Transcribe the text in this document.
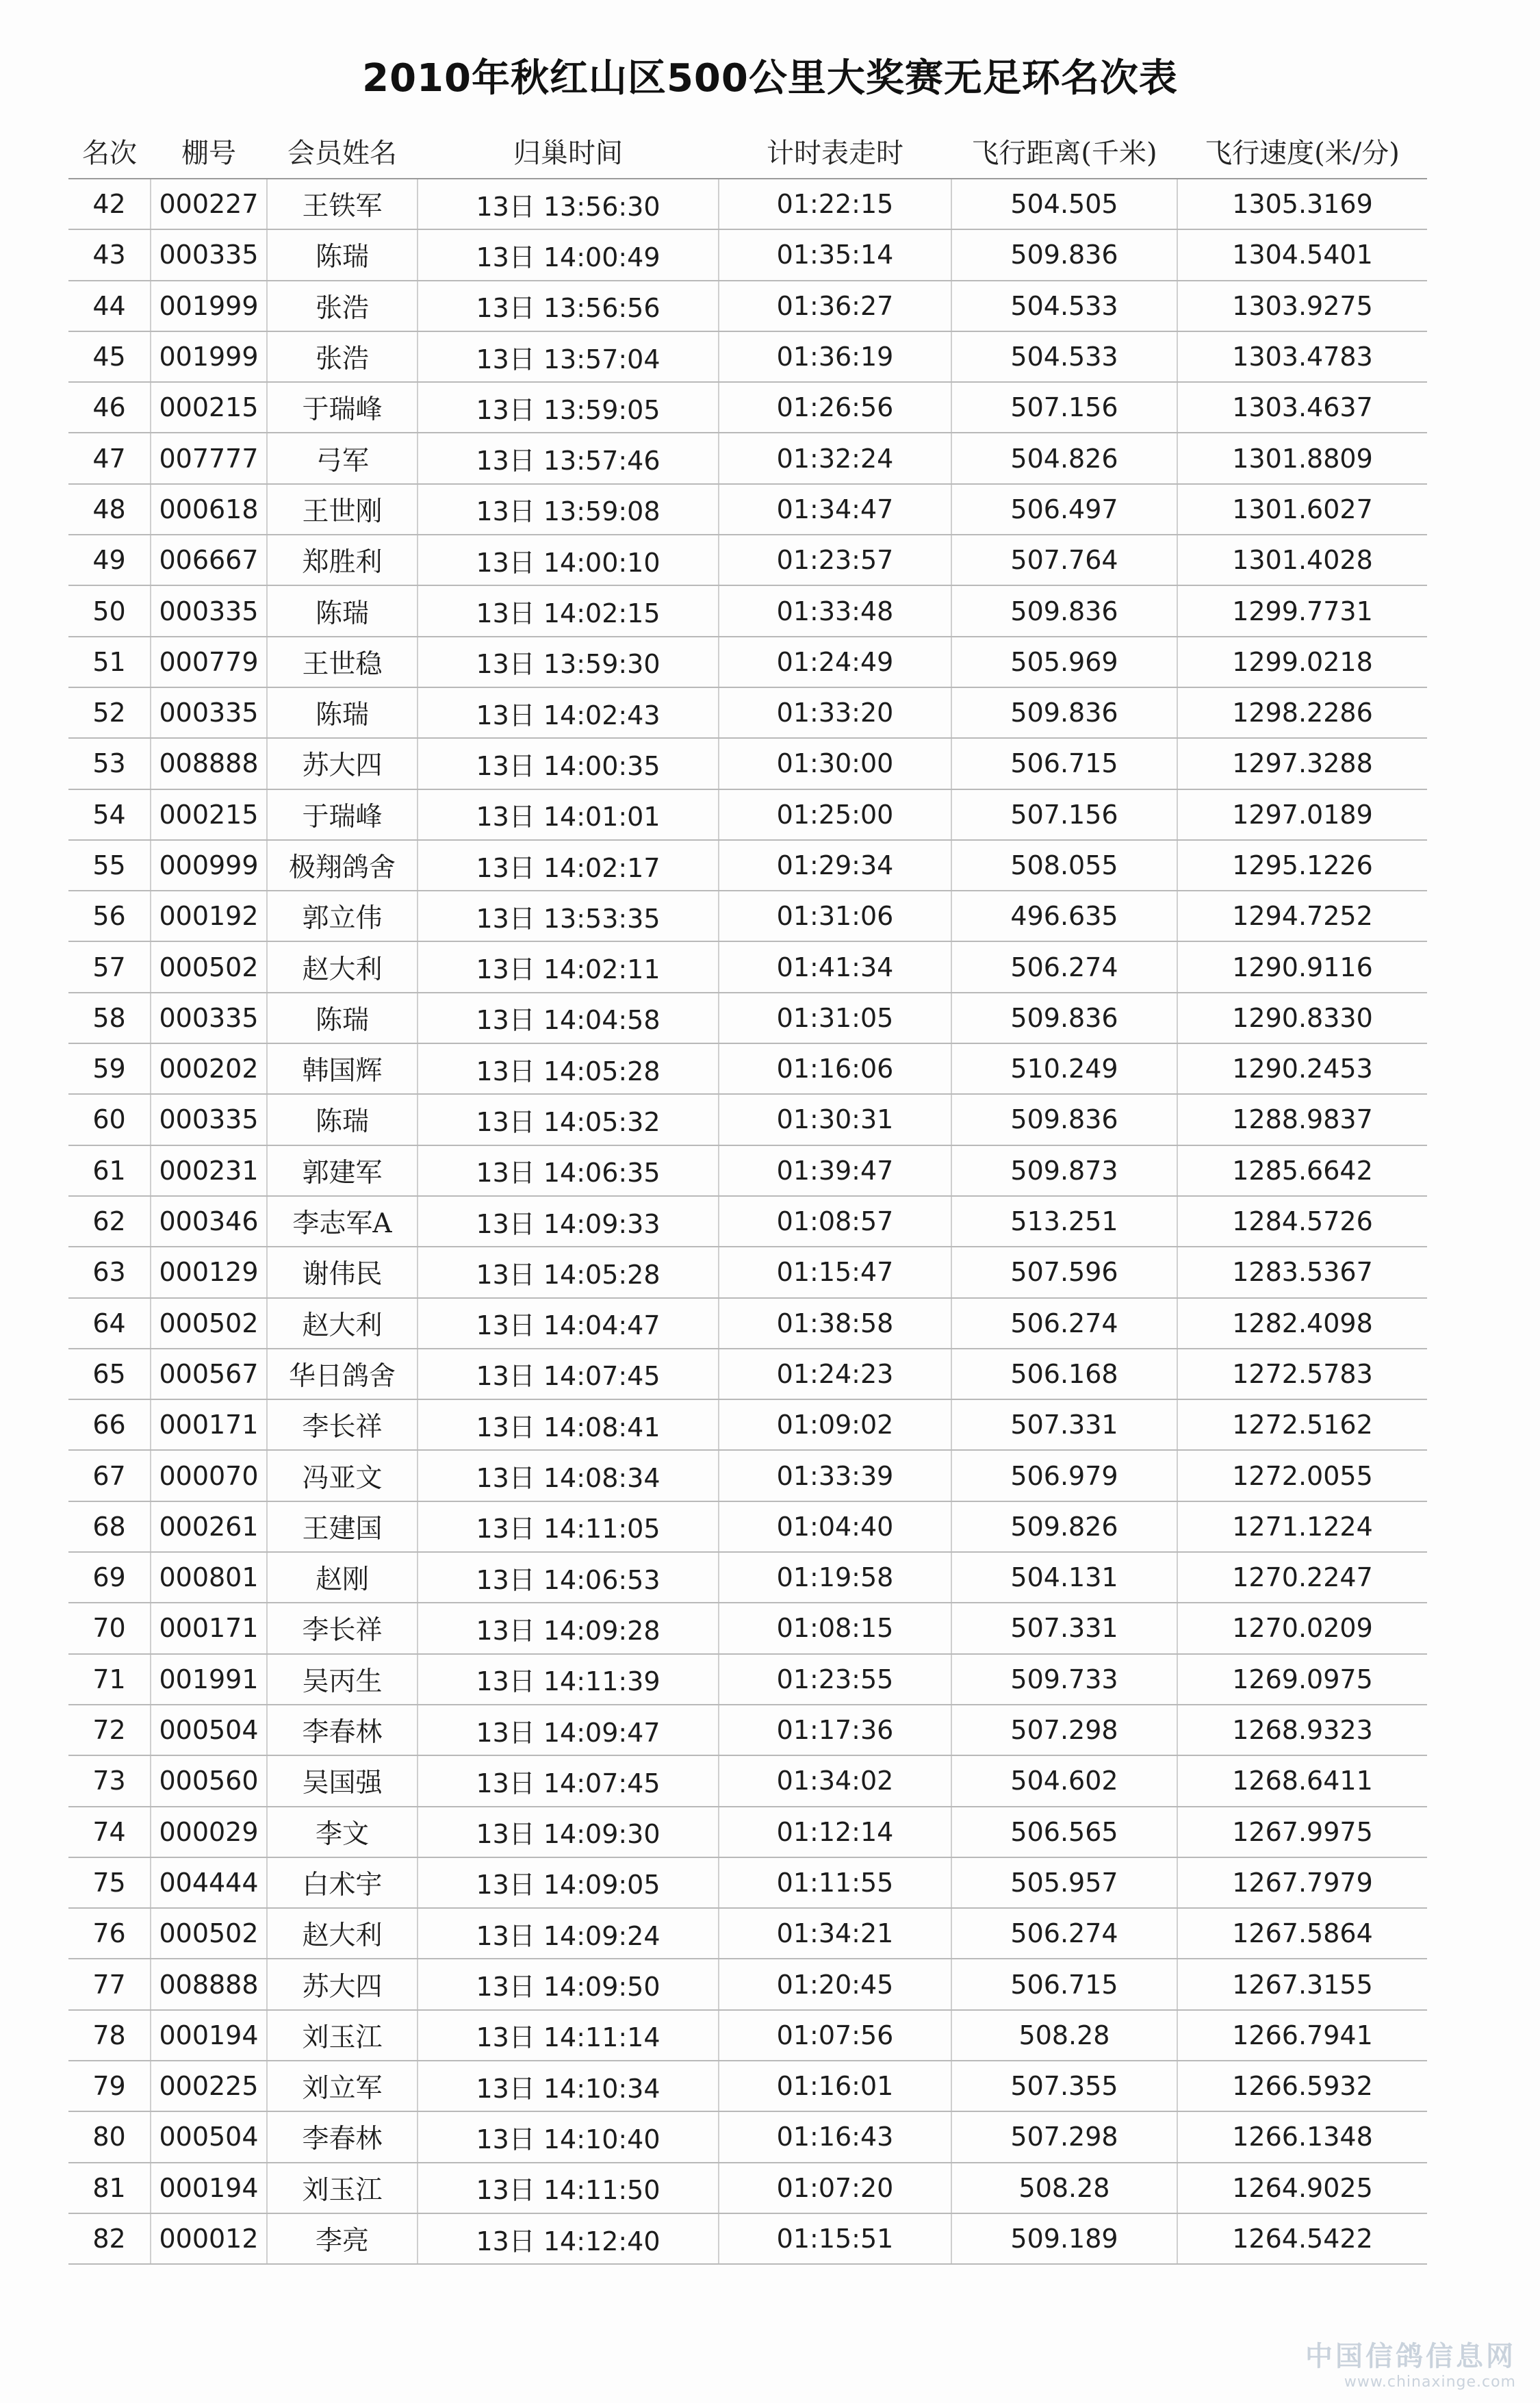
2010年秋红山区500公里大奖赛无足环名次表
名次	棚号	会员姓名	归巢时间	计时表走时	飞行距离(千米)	飞行速度(米/分)
42	000227	王铁军	13日 13:56:30	01:22:15	504.505	1305.3169
43	000335	陈瑞	13日 14:00:49	01:35:14	509.836	1304.5401
44	001999	张浩	13日 13:56:56	01:36:27	504.533	1303.9275
45	001999	张浩	13日 13:57:04	01:36:19	504.533	1303.4783
46	000215	于瑞峰	13日 13:59:05	01:26:56	507.156	1303.4637
47	007777	弓军	13日 13:57:46	01:32:24	504.826	1301.8809
48	000618	王世刚	13日 13:59:08	01:34:47	506.497	1301.6027
49	006667	郑胜利	13日 14:00:10	01:23:57	507.764	1301.4028
50	000335	陈瑞	13日 14:02:15	01:33:48	509.836	1299.7731
51	000779	王世稳	13日 13:59:30	01:24:49	505.969	1299.0218
52	000335	陈瑞	13日 14:02:43	01:33:20	509.836	1298.2286
53	008888	苏大四	13日 14:00:35	01:30:00	506.715	1297.3288
54	000215	于瑞峰	13日 14:01:01	01:25:00	507.156	1297.0189
55	000999	极翔鸽舍	13日 14:02:17	01:29:34	508.055	1295.1226
56	000192	郭立伟	13日 13:53:35	01:31:06	496.635	1294.7252
57	000502	赵大利	13日 14:02:11	01:41:34	506.274	1290.9116
58	000335	陈瑞	13日 14:04:58	01:31:05	509.836	1290.8330
59	000202	韩国辉	13日 14:05:28	01:16:06	510.249	1290.2453
60	000335	陈瑞	13日 14:05:32	01:30:31	509.836	1288.9837
61	000231	郭建军	13日 14:06:35	01:39:47	509.873	1285.6642
62	000346	李志军A	13日 14:09:33	01:08:57	513.251	1284.5726
63	000129	谢伟民	13日 14:05:28	01:15:47	507.596	1283.5367
64	000502	赵大利	13日 14:04:47	01:38:58	506.274	1282.4098
65	000567	华日鸽舍	13日 14:07:45	01:24:23	506.168	1272.5783
66	000171	李长祥	13日 14:08:41	01:09:02	507.331	1272.5162
67	000070	冯亚文	13日 14:08:34	01:33:39	506.979	1272.0055
68	000261	王建国	13日 14:11:05	01:04:40	509.826	1271.1224
69	000801	赵刚	13日 14:06:53	01:19:58	504.131	1270.2247
70	000171	李长祥	13日 14:09:28	01:08:15	507.331	1270.0209
71	001991	吴丙生	13日 14:11:39	01:23:55	509.733	1269.0975
72	000504	李春林	13日 14:09:47	01:17:36	507.298	1268.9323
73	000560	吴国强	13日 14:07:45	01:34:02	504.602	1268.6411
74	000029	李文	13日 14:09:30	01:12:14	506.565	1267.9975
75	004444	白术宇	13日 14:09:05	01:11:55	505.957	1267.7979
76	000502	赵大利	13日 14:09:24	01:34:21	506.274	1267.5864
77	008888	苏大四	13日 14:09:50	01:20:45	506.715	1267.3155
78	000194	刘玉江	13日 14:11:14	01:07:56	508.28	1266.7941
79	000225	刘立军	13日 14:10:34	01:16:01	507.355	1266.5932
80	000504	李春林	13日 14:10:40	01:16:43	507.298	1266.1348
81	000194	刘玉江	13日 14:11:50	01:07:20	508.28	1264.9025
82	000012	李亮	13日 14:12:40	01:15:51	509.189	1264.5422
中国信鸽信息网
www.chinaxinge.com
